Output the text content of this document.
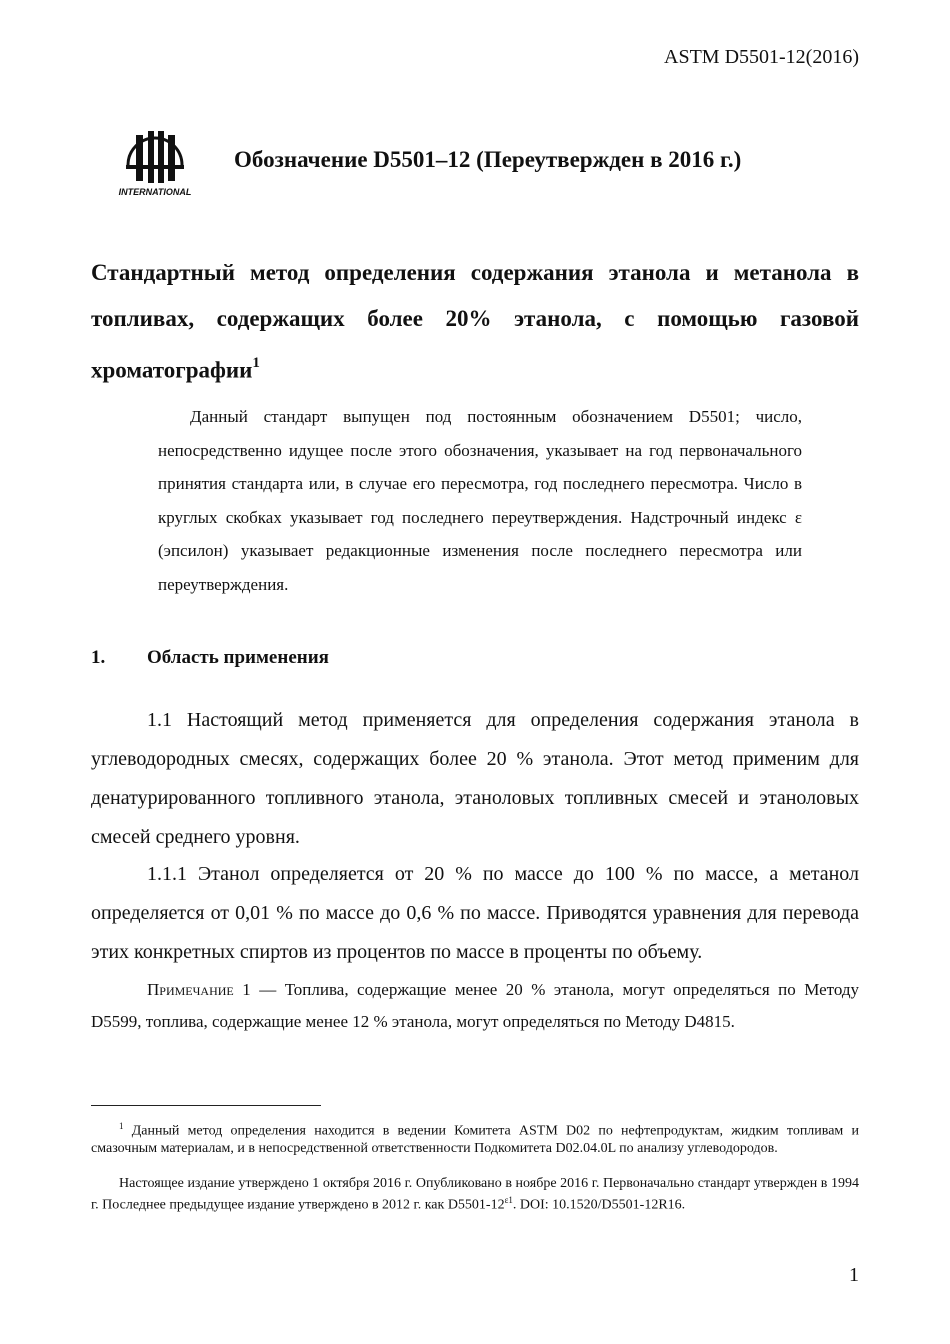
ASTM D5501-12(2016)
INTERNATIONAL
Обозначение D5501–12 (Переутвержден в 2016 г.)
Стандартный метод определения содержания этанола и метанола в топливах, содержащих более 20% этанола, с помощью газовой хроматографии$^1$
Данный стандарт выпущен под постоянным обозначением D5501; число, непосредственно идущее после этого обозначения, указывает на год первоначального принятия стандарта или, в случае его пересмотра, год последнего пересмотра. Число в круглых скобках указывает год последнего переутверждения. Надстрочный индекс ε (эпсилон) указывает редакционные изменения после последнего пересмотра или переутверждения.
1. Область применения
1.1 Настоящий метод применяется для определения содержания этанола в углеводородных смесях, содержащих более 20 % этанола. Этот метод применим для денатурированного топливного этанола, этаноловых топливных смесей и этаноловых смесей среднего уровня.
1.1.1 Этанол определяется от 20 % по массе до 100 % по массе, а метанол определяется от 0,01 % по массе до 0,6 % по массе. Приводятся уравнения для перевода этих конкретных спиртов из процентов по массе в проценты по объему.
Примечание 1 — Топлива, содержащие менее 20 % этанола, могут определяться по Методу D5599, топлива, содержащие менее 12 % этанола, могут определяться по Методу D4815.
$^1$ Данный метод определения находится в ведении Комитета ASTM D02 по нефтепродуктам, жидким топливам и смазочным материалам, и в непосредственной ответственности Подкомитета D02.04.0L по анализу углеводородов.
Настоящее издание утверждено 1 октября 2016 г. Опубликовано в ноябре 2016 г. Первоначально стандарт утвержден в 1994 г. Последнее предыдущее издание утверждено в 2012 г. как $D5501-12^{\varepsilon 1}$. DOI: 10.1520/D5501-12R16.
1
